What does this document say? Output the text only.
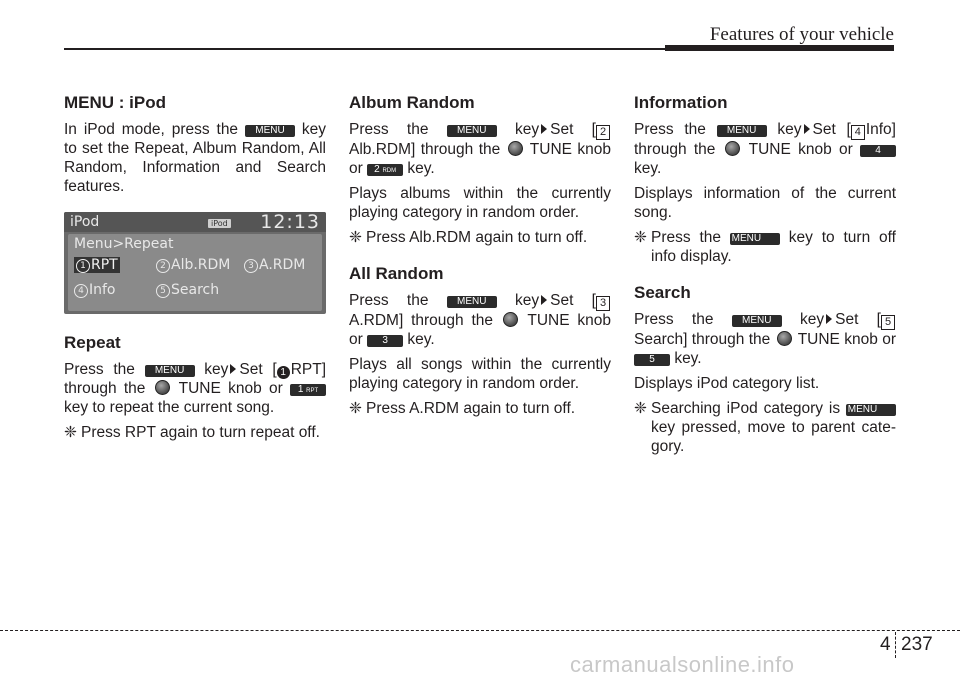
Features of your vehicle
MENU : iPod

In iPod mode, press the MENU key to set the Repeat, Album Random, All Random, Information and Search features.

iPod	iPod 12:13
Menu>Repeat
1 RPT	2 Alb.RDM	3 A.RDM
4 Info	5 Search
Repeat

Press the MENU key Set [ 1 RPT] through the TUNE knob or 1 RPT key to repeat the current song.

❈ Press RPT again to turn repeat off.

Album Random

Press the	MENU key Set [ 2 Alb.RDM] through the TUNE knob or 2 RDM key.

Plays albums within the currently playing category in random order.

❈ Press Alb.RDM again to turn off.

All Random

Press the	MENU key Set [ 3 A.RDM] through the TUNE knob or 3 key.

Plays all songs within the currently playing category in random order.

❈ Press A.RDM again to turn off.

Information

Press the MENU key Set [ 4 Info] through the TUNE knob or 4 key.

Displays information of the current song.

❈ Press the MENU key to turn off info display.

Search

Press the	MENU key Set [ 5 Search] through the TUNE knob or 5 key.

Displays iPod category list.

❈ Searching iPod category is MENU key pressed, move to parent cate-gory.

4 237
carmanualsonline.info
